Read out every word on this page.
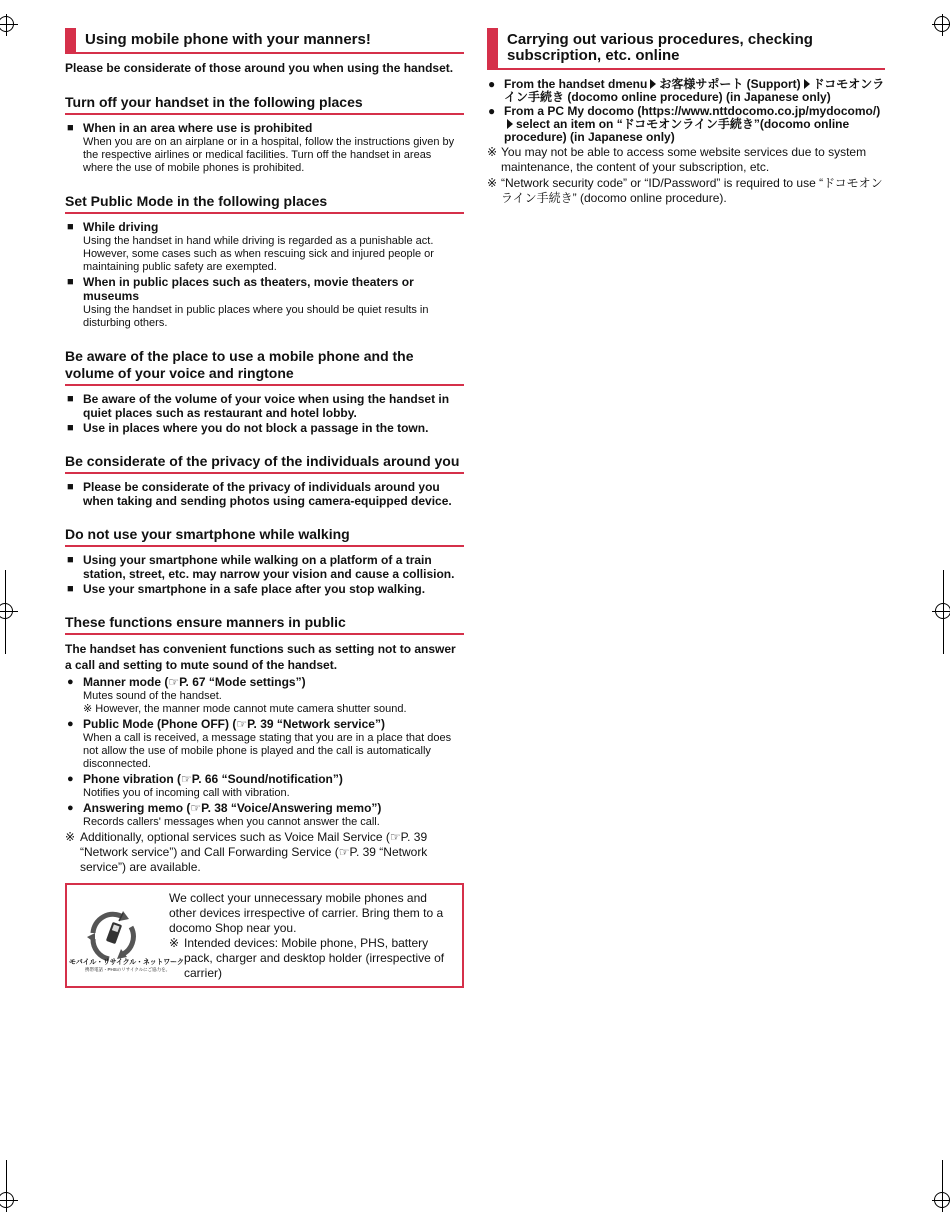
Using mobile phone with your manners!
Please be considerate of those around you when using the handset.
Turn off your handset in the following places
■ When in an area where use is prohibited
When you are on an airplane or in a hospital, follow the instructions given by the respective airlines or medical facilities. Turn off the handset in areas where the use of mobile phones is prohibited.
Set Public Mode in the following places
■ While driving
Using the handset in hand while driving is regarded as a punishable act. However, some cases such as when rescuing sick and injured people or maintaining public safety are exempted.
■ When in public places such as theaters, movie theaters or museums
Using the handset in public places where you should be quiet results in disturbing others.
Be aware of the place to use a mobile phone and the volume of your voice and ringtone
■ Be aware of the volume of your voice when using the handset in quiet places such as restaurant and hotel lobby.
■ Use in places where you do not block a passage in the town.
Be considerate of the privacy of the individuals around you
■ Please be considerate of the privacy of individuals around you when taking and sending photos using camera-equipped device.
Do not use your smartphone while walking
■ Using your smartphone while walking on a platform of a train station, street, etc. may narrow your vision and cause a collision.
■ Use your smartphone in a safe place after you stop walking.
These functions ensure manners in public
The handset has convenient functions such as setting not to answer a call and setting to mute sound of the handset.
● Manner mode (☞P. 67 “Mode settings”)
Mutes sound of the handset.
※ However, the manner mode cannot mute camera shutter sound.
● Public Mode (Phone OFF) (☞P. 39 “Network service”)
When a call is received, a message stating that you are in a place that does not allow the use of mobile phone is played and the call is automatically disconnected.
● Phone vibration (☞P. 66 “Sound/notification”)
Notifies you of incoming call with vibration.
● Answering memo (☞P. 38 “Voice/Answering memo”)
Records callers' messages when you cannot answer the call.
※ Additionally, optional services such as Voice Mail Service (☞P. 39 “Network service”) and Call Forwarding Service (☞P. 39 “Network service”) are available.
モバイル・リサイクル・ネットワーク
携帯電話・PHSのリサイクルにご協力を。
We collect your unnecessary mobile phones and other devices irrespective of carrier. Bring them to a docomo Shop near you.
※ Intended devices: Mobile phone, PHS, battery pack, charger and desktop holder (irrespective of carrier)
Carrying out various procedures, checking subscription, etc. online
● From the handset dmenu お客様サポート (Support) ドコモオンライン手続き (docomo online procedure) (in Japanese only)
● From a PC My docomo (https://www.nttdocomo.co.jp/mydocomo/)
select an item on “ドコモオンライン手続き”(docomo online procedure) (in Japanese only)
※ You may not be able to access some website services due to system maintenance, the content of your subscription, etc.
※ “Network security code” or “ID/Password” is required to use “ドコモオンライン手続き” (docomo online procedure).
